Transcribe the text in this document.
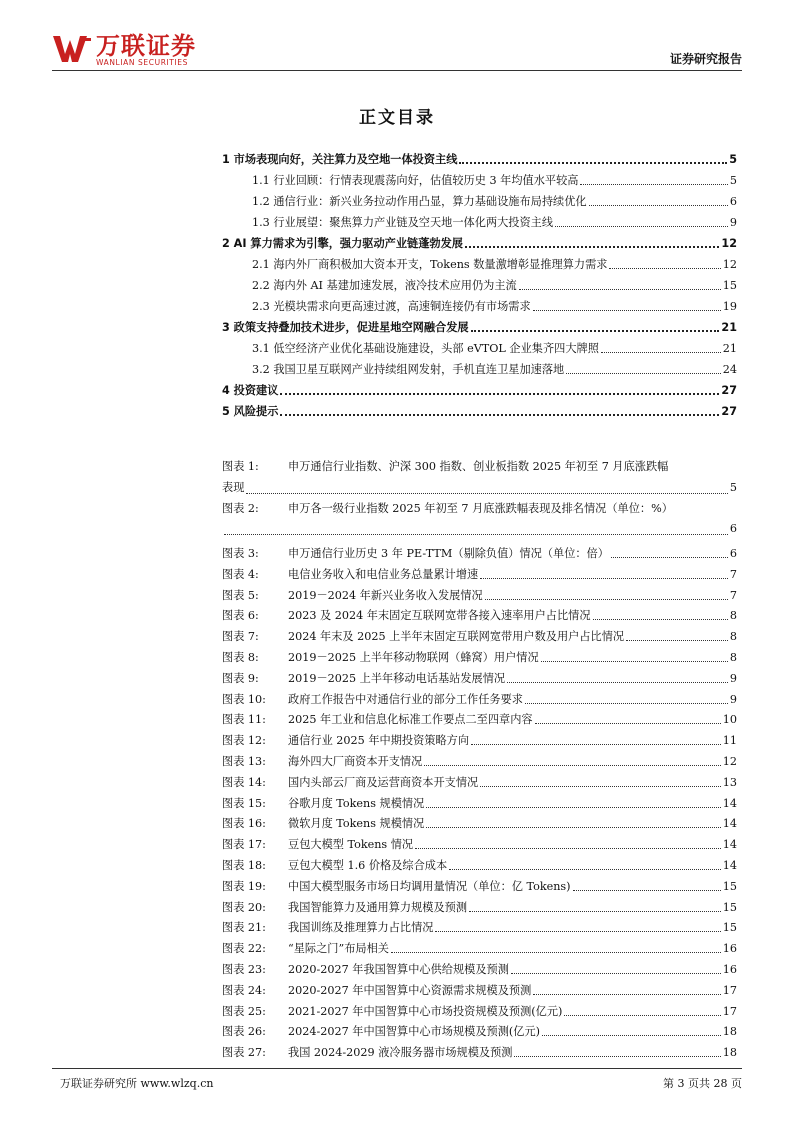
万联证券
WANLIAN SECURITIES	证券研究报告
正文目录
1 市场表现向好，关注算力及空地一体投资主线	5
1.1 行业回顾：行情表现震荡向好，估值较历史 3 年均值水平较高	5
1.2 通信行业：新兴业务拉动作用凸显，算力基础设施布局持续优化	6
1.3 行业展望：聚焦算力产业链及空天地一体化两大投资主线	9
2 AI 算力需求为引擎，强力驱动产业链蓬勃发展	12
2.1 海内外厂商积极加大资本开支，Tokens 数量激增彰显推理算力需求	12
2.2 海内外 AI 基建加速发展，液冷技术应用仍为主流	15
2.3 光模块需求向更高速过渡，高速铜连接仍有市场需求	19
3 政策支持叠加技术进步，促进星地空网融合发展	21
3.1 低空经济产业优化基础设施建设，头部 eVTOL 企业集齐四大牌照	21
3.2 我国卫星互联网产业持续组网发射，手机直连卫星加速落地	24
4 投资建议	27
5 风险提示	27
图表 1:	申万通信行业指数、沪深 300 指数、创业板指数 2025 年初至 7 月底涨跌幅
表现	5
图表 2:	申万各一级行业指数 2025 年初至 7 月底涨跌幅表现及排名情况（单位：%）
6
图表 3:	申万通信行业历史 3 年 PE-TTM（剔除负值）情况（单位：倍）	6
图表 4:	电信业务收入和电信业务总量累计增速	7
图表 5:	2019－2024 年新兴业务收入发展情况	7
图表 6:	2023 及 2024 年末固定互联网宽带各接入速率用户占比情况	8
图表 7:	2024 年末及 2025 上半年末固定互联网宽带用户数及用户占比情况	8
图表 8:	2019－2025 上半年移动物联网（蜂窝）用户情况	8
图表 9:	2019－2025 上半年移动电话基站发展情况	9
图表 10:	政府工作报告中对通信行业的部分工作任务要求	9
图表 11:	2025 年工业和信息化标准工作要点二至四章内容	10
图表 12:	通信行业 2025 年中期投资策略方向	11
图表 13:	海外四大厂商资本开支情况	12
图表 14:	国内头部云厂商及运营商资本开支情况	13
图表 15:	谷歌月度 Tokens 规模情况	14
图表 16:	微软月度 Tokens 规模情况	14
图表 17:	豆包大模型 Tokens 情况	14
图表 18:	豆包大模型 1.6 价格及综合成本	14
图表 19:	中国大模型服务市场日均调用量情况（单位：亿 Tokens)	15
图表 20:	我国智能算力及通用算力规模及预测	15
图表 21:	我国训练及推理算力占比情况	15
图表 22:	“星际之门”布局相关	16
图表 23:	2020-2027 年我国智算中心供给规模及预测	16
图表 24:	2020-2027 年中国智算中心资源需求规模及预测	17
图表 25:	2021-2027 年中国智算中心市场投资规模及预测(亿元)	17
图表 26:	2024-2027 年中国智算中心市场规模及预测(亿元)	18
图表 27:	我国 2024-2029 液冷服务器市场规模及预测	18
万联证券研究所 www.wlzq.cn	第 3 页共 28 页
